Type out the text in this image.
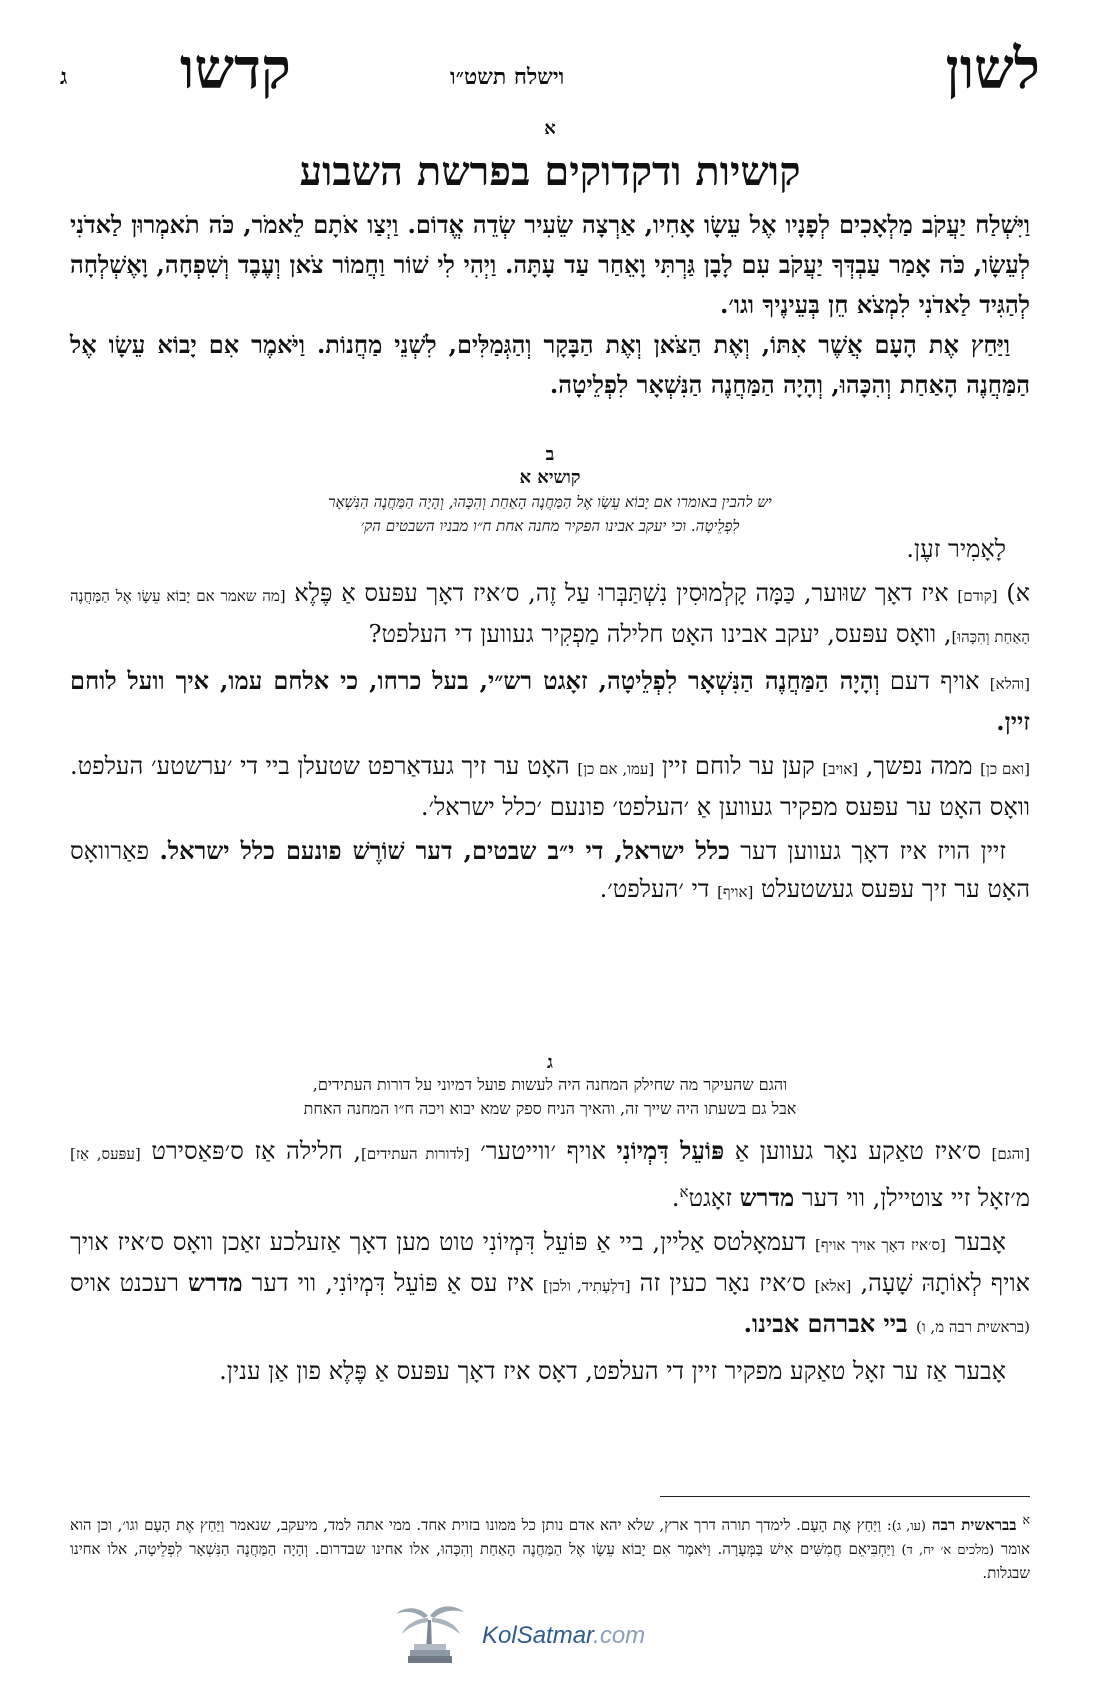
לשון
קדשו	וישלח תשט״ו
ג
א
קושיות ודקדוקים בפרשת השבוע

וַיִּשְׁלַח יַעֲקֹב מַלְאָכִים לְפָנָיו אֶל עֵשָׂו אָחִיו, אַרְצָה שֵׂעִיר שְׂדֵה אֱדוֹם. וַיְצַו אֹתָם לֵאמֹר, כֹּה תֹאמְרוּן לַאדֹנִי לְעֵשָׂו, כֹּה אָמַר עַבְדְּךָ יַעֲקֹב עִם לָבָן גַּרְתִּי וָאֵחַר עַד עָתָּה. וַיְהִי לִי שׁוֹר וַחֲמוֹר צֹאן וְעֶבֶד וְשִׁפְחָה, וָאֶשְׁלְחָה לְהַגִּיד לַאדֹנִי לִמְצֹא חֵן בְּעֵינֶיךָ וגו׳.

וַיַּחַץ אֶת הָעָם אֲשֶׁר אִתּוֹ, וְאֶת הַצֹּאן וְאֶת הַבָּקָר וְהַגְּמַלִּים, לִשְׁנֵי מַחֲנוֹת. וַיֹּאמֶר אִם יָבוֹא עֵשָׂו אֶל הַמַּחֲנֶה הָאַחַת וְהִכָּהוּ, וְהָיָה הַמַּחֲנֶה הַנִּשְׁאָר לִפְלֵיטָה.

ב
קושיא א
יש להבין באומרו אם יָבוֹא עֵשָׂו אֶל הַמַּחֲנֶה הָאַחַת וְהִכָּהוּ, וְהָיָה הַמַּחֲנֶה הַנִּשְׁאָר
לִפְלֵיטָה. וכי יעקב אבינו הפקיר מחנה אחת ח״ו מבניו השבטים הק׳

לָאָמִיר זעֶן.

א) [קודם] איז דאָך שוּוער, כַּמָּה קָלְמוּסִין נִשְׁתַּבְּרוּ עַל זֶה, ס׳איז דאָך עפּעס אַ פֶּלֶא [מה שאמר אם יָבוֹא עֵשָׂו אֶל הַמַּחֲנֶה הָאַחַת וְהִכָּהוּ], וואָס עפּעס, יעקב אבינו האָט חלילה מַפְקִיר געווען די העלפט?

[והלא] אויף דעם וְהָיָה הַמַּחֲנֶה הַנִּשְׁאָר לִפְלֵיטָה, זאָגט רש״י, בעל כרחו, כי אלחם עמו, איך וועל לוחם זיין.

[ואם כן] ממה נפשך, [אויב] קען ער לוחם זיין [עמו, אם כן] האָט ער זיך געדאַרפט שטעלן ביי די ׳ערשטע׳ העלפט. וואָס האָט ער עפּעס מפקיר געווען אַ ׳העלפט׳ פונעם ׳כלל ישראל׳.

זיין הויז איז דאָך געווען דער כלל ישראל, די י״ב שבטים, דער שׁוֹרֶשׁ פונעם כלל ישראל. פאַרוואָס האָט ער זיך עפּעס געשטעלט [אויף] די ׳העלפט׳.

ג
והגם שהעיקר מה שחילק המחנה היה לעשות פועל דמיוני על דורות העתידים,
אבל גם בשעתו היה שייך זה, והאיך הניח ספק שמא יבוא ויכה ח״ו המחנה האחת

[והגם] ס׳איז טאַקע נאָר געווען אַ פּוֹעֵל דִּמְיוֹנִי אויף ׳ווייטער׳ [לדורות העתידים], חלילה אַז ס׳פּאַסירט [עפּעס, אַז] מ׳זאָל זיי צוטיילן, ווי דער מדרש זאָגט$^א$.

אָבער [ס׳איז דאָך אויך אויף] דעמאָלטס אַליין, ביי אַ פּוֹעֵל דִּמְיוֹנִי טוט מען דאָך אַזעלכע זאַכן וואָס ס׳איז אויך אויף לְאוֹתָהּ שָׁעָה, [אלא] ס׳איז נאָר כעין זה [דלְעָתִיד, ולכן] איז עס אַ פּוֹעֵל דִּמְיוֹנִי, ווי דער מדרש רעכנט אויס (בראשית רבה מ, ו) ביי אברהם אבינו.

אָבער אַז ער זאָל טאַקע מפקיר זיין די העלפט, דאָס איז דאָך עפּעס אַ פֶּלֶא פון אַן ענין.

$^א$ בבראשית רבה (עו, ג): וַיַּחַץ אֶת הָעָם. לימדך תורה דרך ארץ, שלא יהא אדם נותן כל ממונו בזוית אחד. ממי אתה למד, מיעקב, שנאמר וַיַּחַץ אֶת הָעָם וגו׳, וכן הוא אומר (מלכים א׳ יח, ד) וַיַּחְבִּיאֵם חֲמִשִּׁים אִישׁ בַּמְּעָרָה. וַיֹּאמֶר אִם יָבוֹא עֵשָׂו אֶל הַמַּחֲנֶה הָאַחַת וְהִכָּהוּ, אלו אחינו שבדרום. וְהָיָה הַמַּחֲנֶה הַנִּשְׁאָר לִפְלֵיטָה, אלו אחינו שבגלות.

KolSatmar.com
